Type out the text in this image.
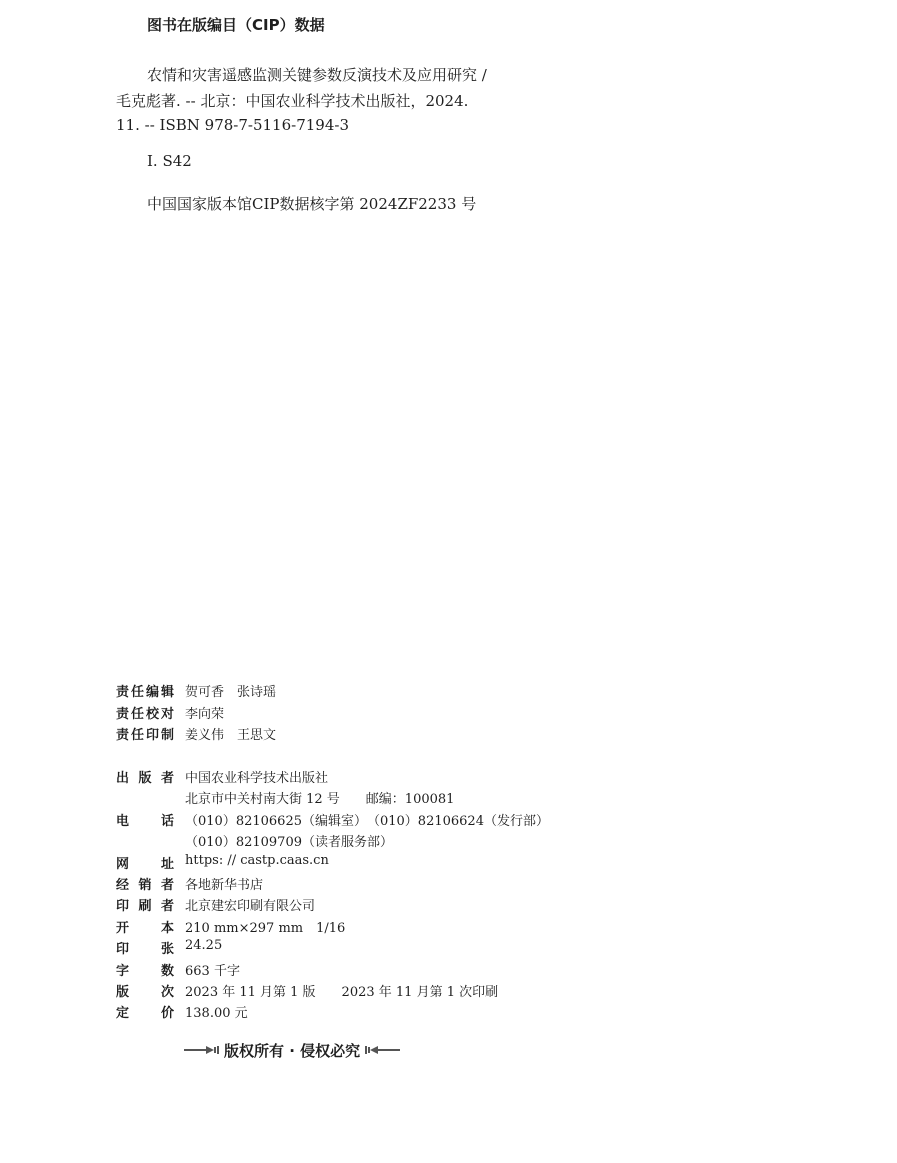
图书在版编目（CIP）数据
农情和灾害遥感监测关键参数反演技术及应用研究 /
毛克彪著. -- 北京：中国农业科学技术出版社，2024.
11. -- ISBN 978-7-5116-7194-3
Ⅰ. S42
中国国家版本馆CIP数据核字第 2024ZF2233 号
责任编辑 贺可香　张诗瑶
责任校对 李向荣
责任印制 姜义伟　王思文
出版者 中国农业科学技术出版社
北京市中关村南大街 12 号　　邮编：100081
电话 （010）82106625（编辑室）　（010）82106624（发行部）
（010）82109709（读者服务部）
网址 https: // castp.caas.cn
经销者 各地新华书店
印刷者 北京建宏印刷有限公司
开本 210 mm×297 mm　1/16
印张 24.25
字数 663 千字
版次 2023 年 11 月第 1 版　　2023 年 11 月第 1 次印刷
定价 138.00 元
版权所有 · 侵权必究
